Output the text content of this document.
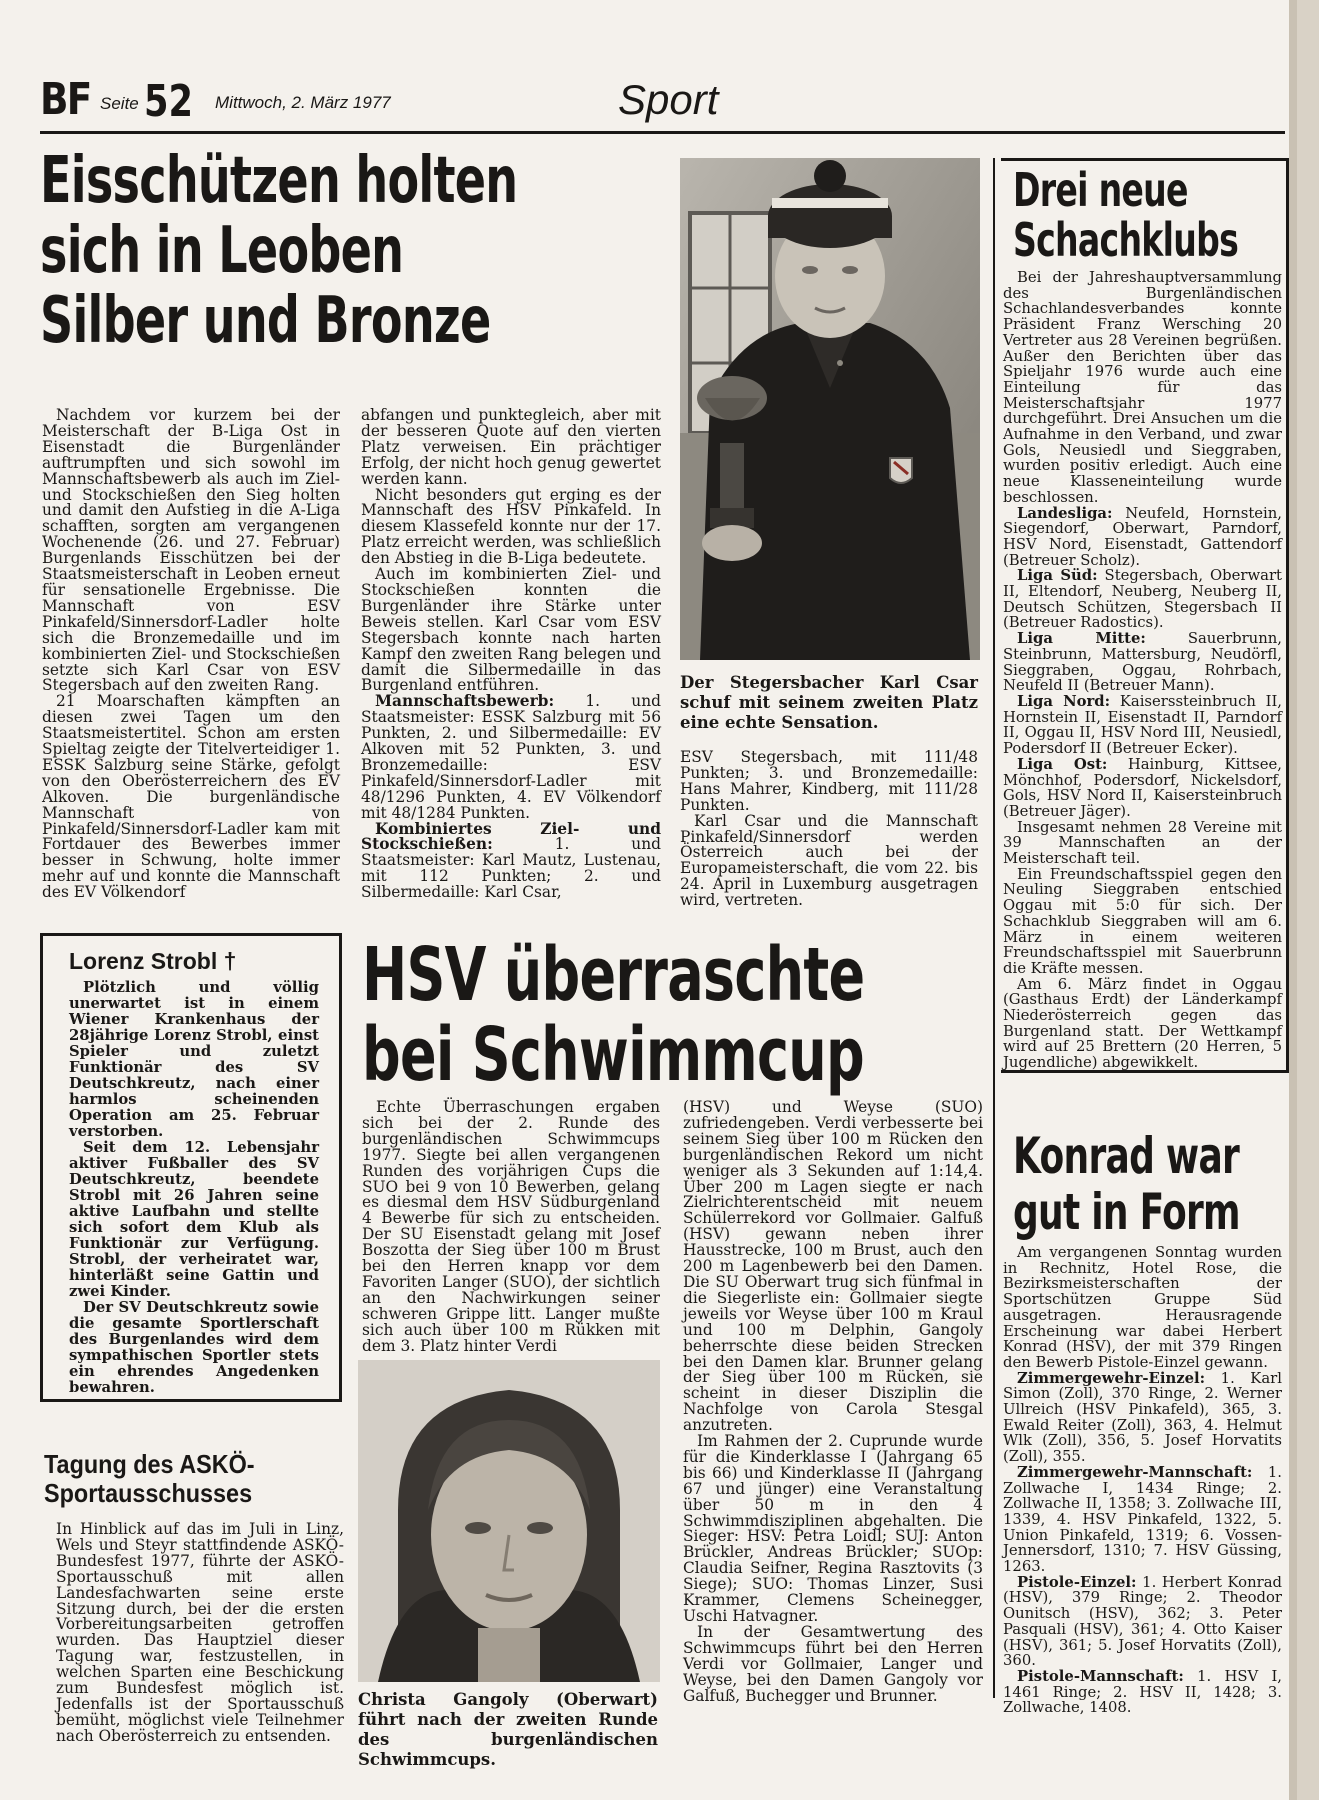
BF Seite 52 Mittwoch, 2. März 1977	Sport
Eisschützen holten
sich in Leoben
Silber und Bronze

Nachdem vor kurzem bei der Meisterschaft der B-Liga Ost in Eisenstadt die Burgenländer auftrumpften und sich sowohl im Mannschaftsbewerb als auch im Ziel- und Stockschießen den Sieg holten und damit den Aufstieg in die A-Liga schafften, sorgten am vergangenen Wochenende (26. und 27. Februar) Burgenlands Eisschützen bei der Staatsmeisterschaft in Leoben erneut für sensationelle Ergebnisse. Die Mannschaft von ESV Pinkafeld/Sinnersdorf-Ladler holte sich die Bronzemedaille und im kombinierten Ziel- und Stockschießen setzte sich Karl Csar von ESV Stegersbach auf den zweiten Rang.

21 Moarschaften kämpften an diesen zwei Tagen um den Staatsmeistertitel. Schon am ersten Spieltag zeigte der Titelverteidiger 1. ESSK Salzburg seine Stärke, gefolgt von den Oberösterreichern des EV Alkoven. Die burgenländische Mannschaft von Pinkafeld/Sinnersdorf-Ladler kam mit Fortdauer des Bewerbes immer besser in Schwung, holte immer mehr auf und konnte die Mannschaft des EV Völkendorf

abfangen und punktegleich, aber mit der besseren Quote auf den vierten Platz verweisen. Ein prächtiger Erfolg, der nicht hoch genug gewertet werden kann.

Nicht besonders gut erging es der Mannschaft des HSV Pinkafeld. In diesem Klassefeld konnte nur der 17. Platz erreicht werden, was schließlich den Abstieg in die B-Liga bedeutete.

Auch im kombinierten Ziel- und Stockschießen konnten die Burgenländer ihre Stärke unter Beweis stellen. Karl Csar vom ESV Stegersbach konnte nach harten Kampf den zweiten Rang belegen und damit die Silbermedaille in das Burgenland entführen.

Mannschaftsbewerb: 1. und Staatsmeister: ESSK Salzburg mit 56 Punkten, 2. und Silbermedaille: EV Alkoven mit 52 Punkten, 3. und Bronzemedaille: ESV Pinkafeld/Sinnersdorf-Ladler mit 48/1296 Punkten, 4. EV Völkendorf mit 48/1284 Punkten.

Kombiniertes Ziel- und Stockschießen: 1. und Staatsmeister: Karl Mautz, Lustenau, mit 112 Punkten; 2. und Silbermedaille: Karl Csar,

Der Stegersbacher Karl Csar schuf mit seinem zweiten Platz eine echte Sensation.

ESV Stegersbach, mit 111/48 Punkten; 3. und Bronzemedaille: Hans Mahrer, Kindberg, mit 111/28 Punkten.

Karl Csar und die Mannschaft Pinkafeld/Sinnersdorf werden Österreich auch bei der Europameisterschaft, die vom 22. bis 24. April in Luxemburg ausgetragen wird, vertreten.

Lorenz Strobl †

Plötzlich und völlig unerwartet ist in einem Wiener Krankenhaus der 28jährige Lorenz Strobl, einst Spieler und zuletzt Funktionär des SV Deutschkreutz, nach einer harmlos scheinenden Operation am 25. Februar verstorben.

Seit dem 12. Lebensjahr aktiver Fußballer des SV Deutschkreutz, beendete Strobl mit 26 Jahren seine aktive Laufbahn und stellte sich sofort dem Klub als Funktionär zur Verfügung. Strobl, der verheiratet war, hinterläßt seine Gattin und zwei Kinder.

Der SV Deutschkreutz sowie die gesamte Sportlerschaft des Burgenlandes wird dem sympathischen Sportler stets ein ehrendes Angedenken bewahren.

Tagung des ASKÖ-
Sportausschusses

In Hinblick auf das im Juli in Linz, Wels und Steyr stattfindende ASKÖ-Bundesfest 1977, führte der ASKÖ-Sportausschuß mit allen Landesfachwarten seine erste Sitzung durch, bei der die ersten Vorbereitungsarbeiten getroffen wurden. Das Hauptziel dieser Tagung war, festzustellen, in welchen Sparten eine Beschickung zum Bundesfest möglich ist. Jedenfalls ist der Sportausschuß bemüht, möglichst viele Teilnehmer nach Oberösterreich zu entsenden.

HSV überraschte
bei Schwimmcup

Echte Überraschungen ergaben sich bei der 2. Runde des burgenländischen Schwimmcups 1977. Siegte bei allen vergangenen Runden des vorjährigen Cups die SUO bei 9 von 10 Bewerben, gelang es diesmal dem HSV Südburgenland 4 Bewerbe für sich zu entscheiden. Der SU Eisenstadt gelang mit Josef Boszotta der Sieg über 100 m Brust bei den Herren knapp vor dem Favoriten Langer (SUO), der sichtlich an den Nachwirkungen seiner schweren Grippe litt. Langer mußte sich auch über 100 m Rükken mit dem 3. Platz hinter Verdi

Christa Gangoly (Oberwart) führt nach der zweiten Runde des burgenländischen Schwimmcups.

(HSV) und Weyse (SUO) zufriedengeben. Verdi verbesserte bei seinem Sieg über 100 m Rücken den burgenländischen Rekord um nicht weniger als 3 Sekunden auf 1:14,4. Über 200 m Lagen siegte er nach Zielrichterentscheid mit neuem Schülerrekord vor Gollmaier. Galfuß (HSV) gewann neben ihrer Hausstrecke, 100 m Brust, auch den 200 m Lagenbewerb bei den Damen. Die SU Oberwart trug sich fünfmal in die Siegerliste ein: Gollmaier siegte jeweils vor Weyse über 100 m Kraul und 100 m Delphin, Gangoly beherrschte diese beiden Strecken bei den Damen klar. Brunner gelang der Sieg über 100 m Rücken, sie scheint in dieser Disziplin die Nachfolge von Carola Stesgal anzutreten.

Im Rahmen der 2. Cuprunde wurde für die Kinderklasse I (Jahrgang 65 bis 66) und Kinderklasse II (Jahrgang 67 und jünger) eine Veranstaltung über 50 m in den 4 Schwimmdisziplinen abgehalten. Die Sieger: HSV: Petra Loidl; SUJ: Anton Brückler, Andreas Brückler; SUOp: Claudia Seifner, Regina Rasztovits (3 Siege); SUO: Thomas Linzer, Susi Krammer, Clemens Scheinegger, Uschi Hatvagner.

In der Gesamtwertung des Schwimmcups führt bei den Herren Verdi vor Gollmaier, Langer und Weyse, bei den Damen Gangoly vor Galfuß, Buchegger und Brunner.

Drei neue
Schachklubs

Bei der Jahreshauptversammlung des Burgenländischen Schachlandesverbandes konnte Präsident Franz Wersching 20 Vertreter aus 28 Vereinen begrüßen. Außer den Berichten über das Spieljahr 1976 wurde auch eine Einteilung für das Meisterschaftsjahr 1977 durchgeführt. Drei Ansuchen um die Aufnahme in den Verband, und zwar Gols, Neusiedl und Sieggraben, wurden positiv erledigt. Auch eine neue Klasseneinteilung wurde beschlossen.

Landesliga: Neufeld, Hornstein, Siegendorf, Oberwart, Parndorf, HSV Nord, Eisenstadt, Gattendorf (Betreuer Scholz).

Liga Süd: Stegersbach, Oberwart II, Eltendorf, Neuberg, Neuberg II, Deutsch Schützen, Stegersbach II (Betreuer Radostics).

Liga Mitte: Sauerbrunn, Steinbrunn, Mattersburg, Neudörfl, Sieggraben, Oggau, Rohrbach, Neufeld II (Betreuer Mann).

Liga Nord: Kaiserssteinbruch II, Hornstein II, Eisenstadt II, Parndorf II, Oggau II, HSV Nord III, Neusiedl, Podersdorf II (Betreuer Ecker).

Liga Ost: Hainburg, Kittsee, Mönchhof, Podersdorf, Nickelsdorf, Gols, HSV Nord II, Kaisersteinbruch (Betreuer Jäger).

Insgesamt nehmen 28 Vereine mit 39 Mannschaften an der Meisterschaft teil.

Ein Freundschaftsspiel gegen den Neuling Sieggraben entschied Oggau mit 5:0 für sich. Der Schachklub Sieggraben will am 6. März in einem weiteren Freundschaftsspiel mit Sauerbrunn die Kräfte messen.

Am 6. März findet in Oggau (Gasthaus Erdt) der Länderkampf Niederösterreich gegen das Burgenland statt. Der Wettkampf wird auf 25 Brettern (20 Herren, 5 Jugendliche) abgewikkelt.

Konrad war
gut in Form

Am vergangenen Sonntag wurden in Rechnitz, Hotel Rose, die Bezirksmeisterschaften der Sportschützen Gruppe Süd ausgetragen. Herausragende Erscheinung war dabei Herbert Konrad (HSV), der mit 379 Ringen den Bewerb Pistole-Einzel gewann.

Zimmergewehr-Einzel: 1. Karl Simon (Zoll), 370 Ringe, 2. Werner Ullreich (HSV Pinkafeld), 365, 3. Ewald Reiter (Zoll), 363, 4. Helmut Wlk (Zoll), 356, 5. Josef Horvatits (Zoll), 355.

Zimmergewehr-Mannschaft: 1. Zollwache I, 1434 Ringe; 2. Zollwache II, 1358; 3. Zollwache III, 1339, 4. HSV Pinkafeld, 1322, 5. Union Pinkafeld, 1319; 6. Vossen-Jennersdorf, 1310; 7. HSV Güssing, 1263.

Pistole-Einzel: 1. Herbert Konrad (HSV), 379 Ringe; 2. Theodor Ounitsch (HSV), 362; 3. Peter Pasquali (HSV), 361; 4. Otto Kaiser (HSV), 361; 5. Josef Horvatits (Zoll), 360.

Pistole-Mannschaft: 1. HSV I, 1461 Ringe; 2. HSV II, 1428; 3. Zollwache, 1408.
